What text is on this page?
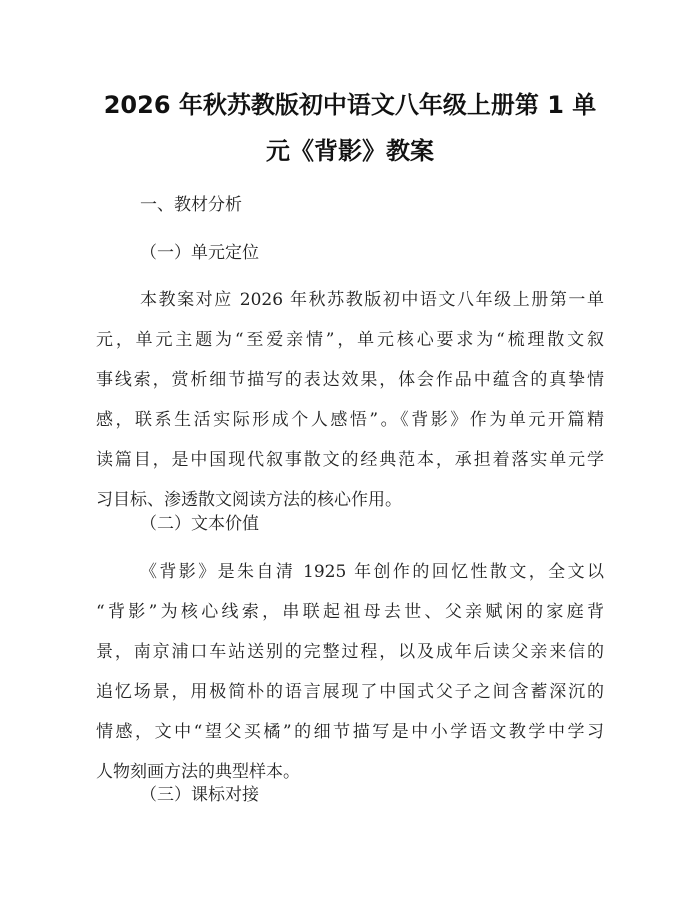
2026 年秋苏教版初中语文八年级上册第 1 单
元《背影》教案
一、教材分析
（一）单元定位
本教案对应 2026 年秋苏教版初中语文八年级上册第一单
元，单元主题为“至爱亲情”，单元核心要求为“梳理散文叙
事线索，赏析细节描写的表达效果，体会作品中蕴含的真挚情
感，联系生活实际形成个人感悟”。《背影》作为单元开篇精
读篇目，是中国现代叙事散文的经典范本，承担着落实单元学
习目标、渗透散文阅读方法的核心作用。
（二）文本价值
《背影》是朱自清 1925 年创作的回忆性散文，全文以
“背影”为核心线索，串联起祖母去世、父亲赋闲的家庭背
景，南京浦口车站送别的完整过程，以及成年后读父亲来信的
追忆场景，用极简朴的语言展现了中国式父子之间含蓄深沉的
情感，文中“望父买橘”的细节描写是中小学语文教学中学习
人物刻画方法的典型样本。
（三）课标对接
